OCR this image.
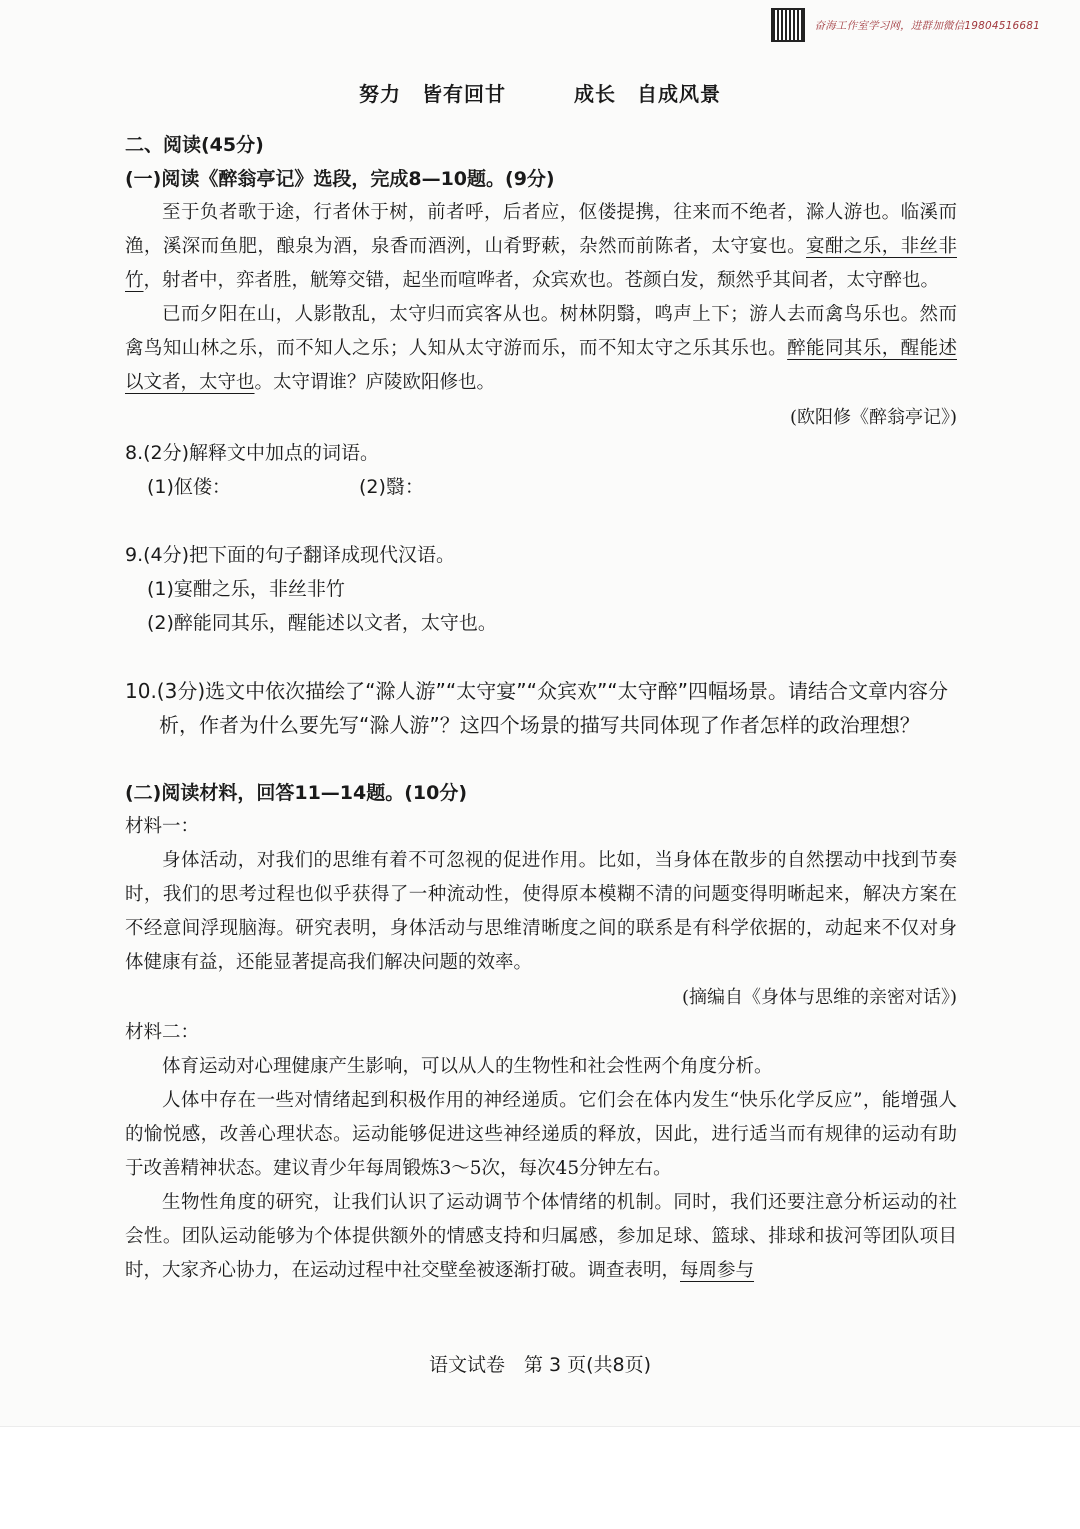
奋海工作室学习网，进群加微信19804516681
努力　皆有回甘	成长　自成风景

二、阅读(45分)

(一)阅读《醉翁亭记》选段，完成8—10题。(9分)

至于负者歌于途，行者休于树，前者呼，后者应，伛偻提携，往来而不绝者，滁人游也。临溪而渔，溪深而鱼肥，酿泉为酒，泉香而酒洌，山肴野蔌，杂然而前陈者，太守宴也。宴酣之乐，非丝非竹，射者中，弈者胜，觥筹交错，起坐而喧哗者，众宾欢也。苍颜白发，颓然乎其间者，太守醉也。

已而夕阳在山，人影散乱，太守归而宾客从也。树林阴翳，鸣声上下；游人去而禽鸟乐也。然而禽鸟知山林之乐，而不知人之乐；人知从太守游而乐，而不知太守之乐其乐也。醉能同其乐，醒能述以文者，太守也。太守谓谁？庐陵欧阳修也。

(欧阳修《醉翁亭记》)

8.(2分)解释文中加点的词语。

(1)伛偻：	(2)翳：

9.(4分)把下面的句子翻译成现代汉语。

(1)宴酣之乐，非丝非竹

(2)醉能同其乐，醒能述以文者，太守也。

10.(3分)选文中依次描绘了“滁人游”“太守宴”“众宾欢”“太守醉”四幅场景。请结合文章内容分析，作者为什么要先写“滁人游”？这四个场景的描写共同体现了作者怎样的政治理想？

(二)阅读材料，回答11—14题。(10分)

材料一：

身体活动，对我们的思维有着不可忽视的促进作用。比如，当身体在散步的自然摆动中找到节奏时，我们的思考过程也似乎获得了一种流动性，使得原本模糊不清的问题变得明晰起来，解决方案在不经意间浮现脑海。研究表明，身体活动与思维清晰度之间的联系是有科学依据的，动起来不仅对身体健康有益，还能显著提高我们解决问题的效率。

(摘编自《身体与思维的亲密对话》)

材料二：

体育运动对心理健康产生影响，可以从人的生物性和社会性两个角度分析。

人体中存在一些对情绪起到积极作用的神经递质。它们会在体内发生“快乐化学反应”，能增强人的愉悦感，改善心理状态。运动能够促进这些神经递质的释放，因此，进行适当而有规律的运动有助于改善精神状态。建议青少年每周锻炼3～5次，每次45分钟左右。

生物性角度的研究，让我们认识了运动调节个体情绪的机制。同时，我们还要注意分析运动的社会性。团队运动能够为个体提供额外的情感支持和归属感，参加足球、篮球、排球和拔河等团队项目时，大家齐心协力，在运动过程中社交壁垒被逐渐打破。调查表明，每周参与

语文试卷　第 3 页(共8页)
